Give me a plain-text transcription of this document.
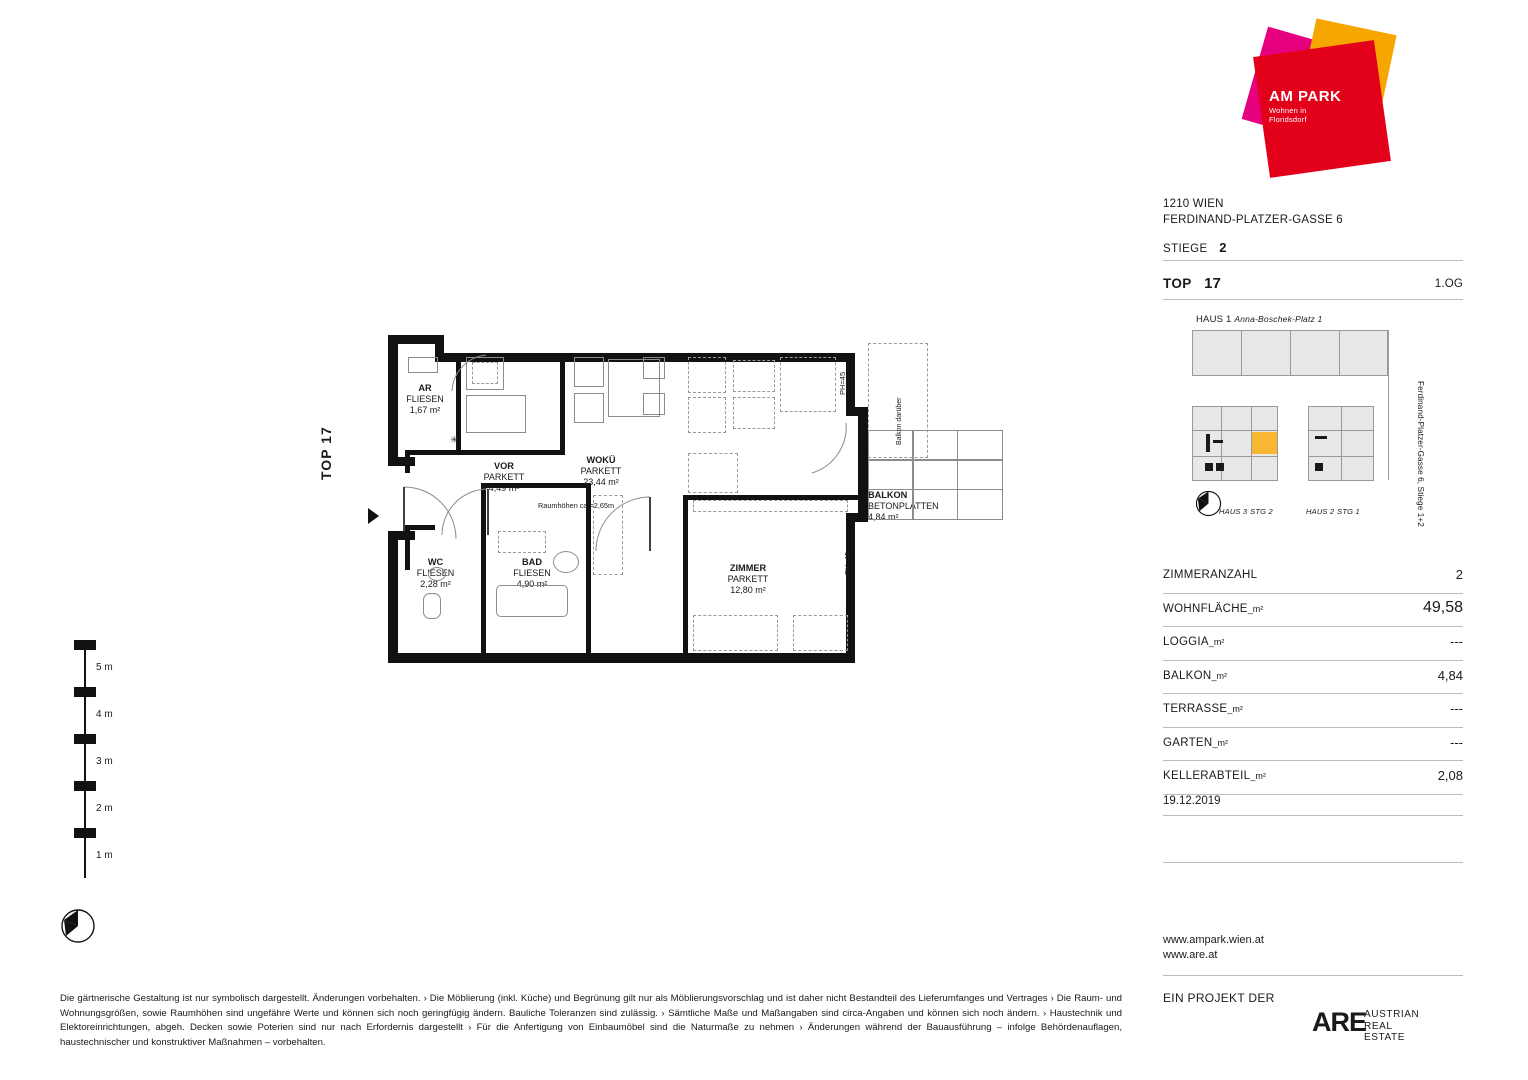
5 m
4 m
3 m
2 m
1 m
TOP 17
AR
FLIESEN
1,67 m²
VOR
PARKETT
4,49 m²
WOKÜ
PARKETT
23,44 m²
Raumhöhen ca.=2,65m
WC
FLIESEN
2,28 m²
BAD
FLIESEN
4,90 m²
ZIMMER
PARKETT
12,80 m²
BALKON
BETONPLATTEN
4,84 m²
Balkon darüber
PH=45
PH=45
✳
Die gärtnerische Gestaltung ist nur symbolisch dargestellt. Änderungen vorbehalten. › Die Möblierung (inkl. Küche) und Begrünung gilt nur als Möblierungsvorschlag und ist daher nicht Bestandteil des Lieferumfanges und Vertrages › Die Raum- und Wohnungsgrößen, sowie Raumhöhen sind ungefähre Werte und können sich noch geringfügig ändern. Bauliche Toleranzen sind zulässig. › Sämtliche Maße und Maßangaben sind circa-Angaben und können sich noch ändern. › Haustechnik und Elektoreinrichtungen, abgeh. Decken sowie Poterien sind nur nach Erfordernis dargestellt › Für die Anfertigung von Einbaumöbel sind die Naturmaße zu nehmen › Änderungen während der Bauausführung – infolge Behördenauflagen, haustechnischer und konstruktiver Maßnahmen – vorbehalten.
AM PARK
Wohnen in
Floridsdorf
1210 WIEN
FERDINAND-PLATZER-GASSE 6
STIEGE 2
1.OG
TOP 17
HAUS 1 Anna-Boschek-Platz 1
Ferdinand-Platzer-Gasse 6, Stiege 1+2
HAUS 3 STG 2	HAUS 2 STG 1
ZIMMERANZAHL	2
WOHNFLÄCHE_m²	49,58
LOGGIA_m²	---
BALKON_m²	4,84
TERRASSE_m²	---
GARTEN_m²	---
KELLERABTEIL_m²	2,08
19.12.2019
www.ampark.wien.at
www.are.at
EIN PROJEKT DER
ARE
AUSTRIAN
REAL
ESTATE
